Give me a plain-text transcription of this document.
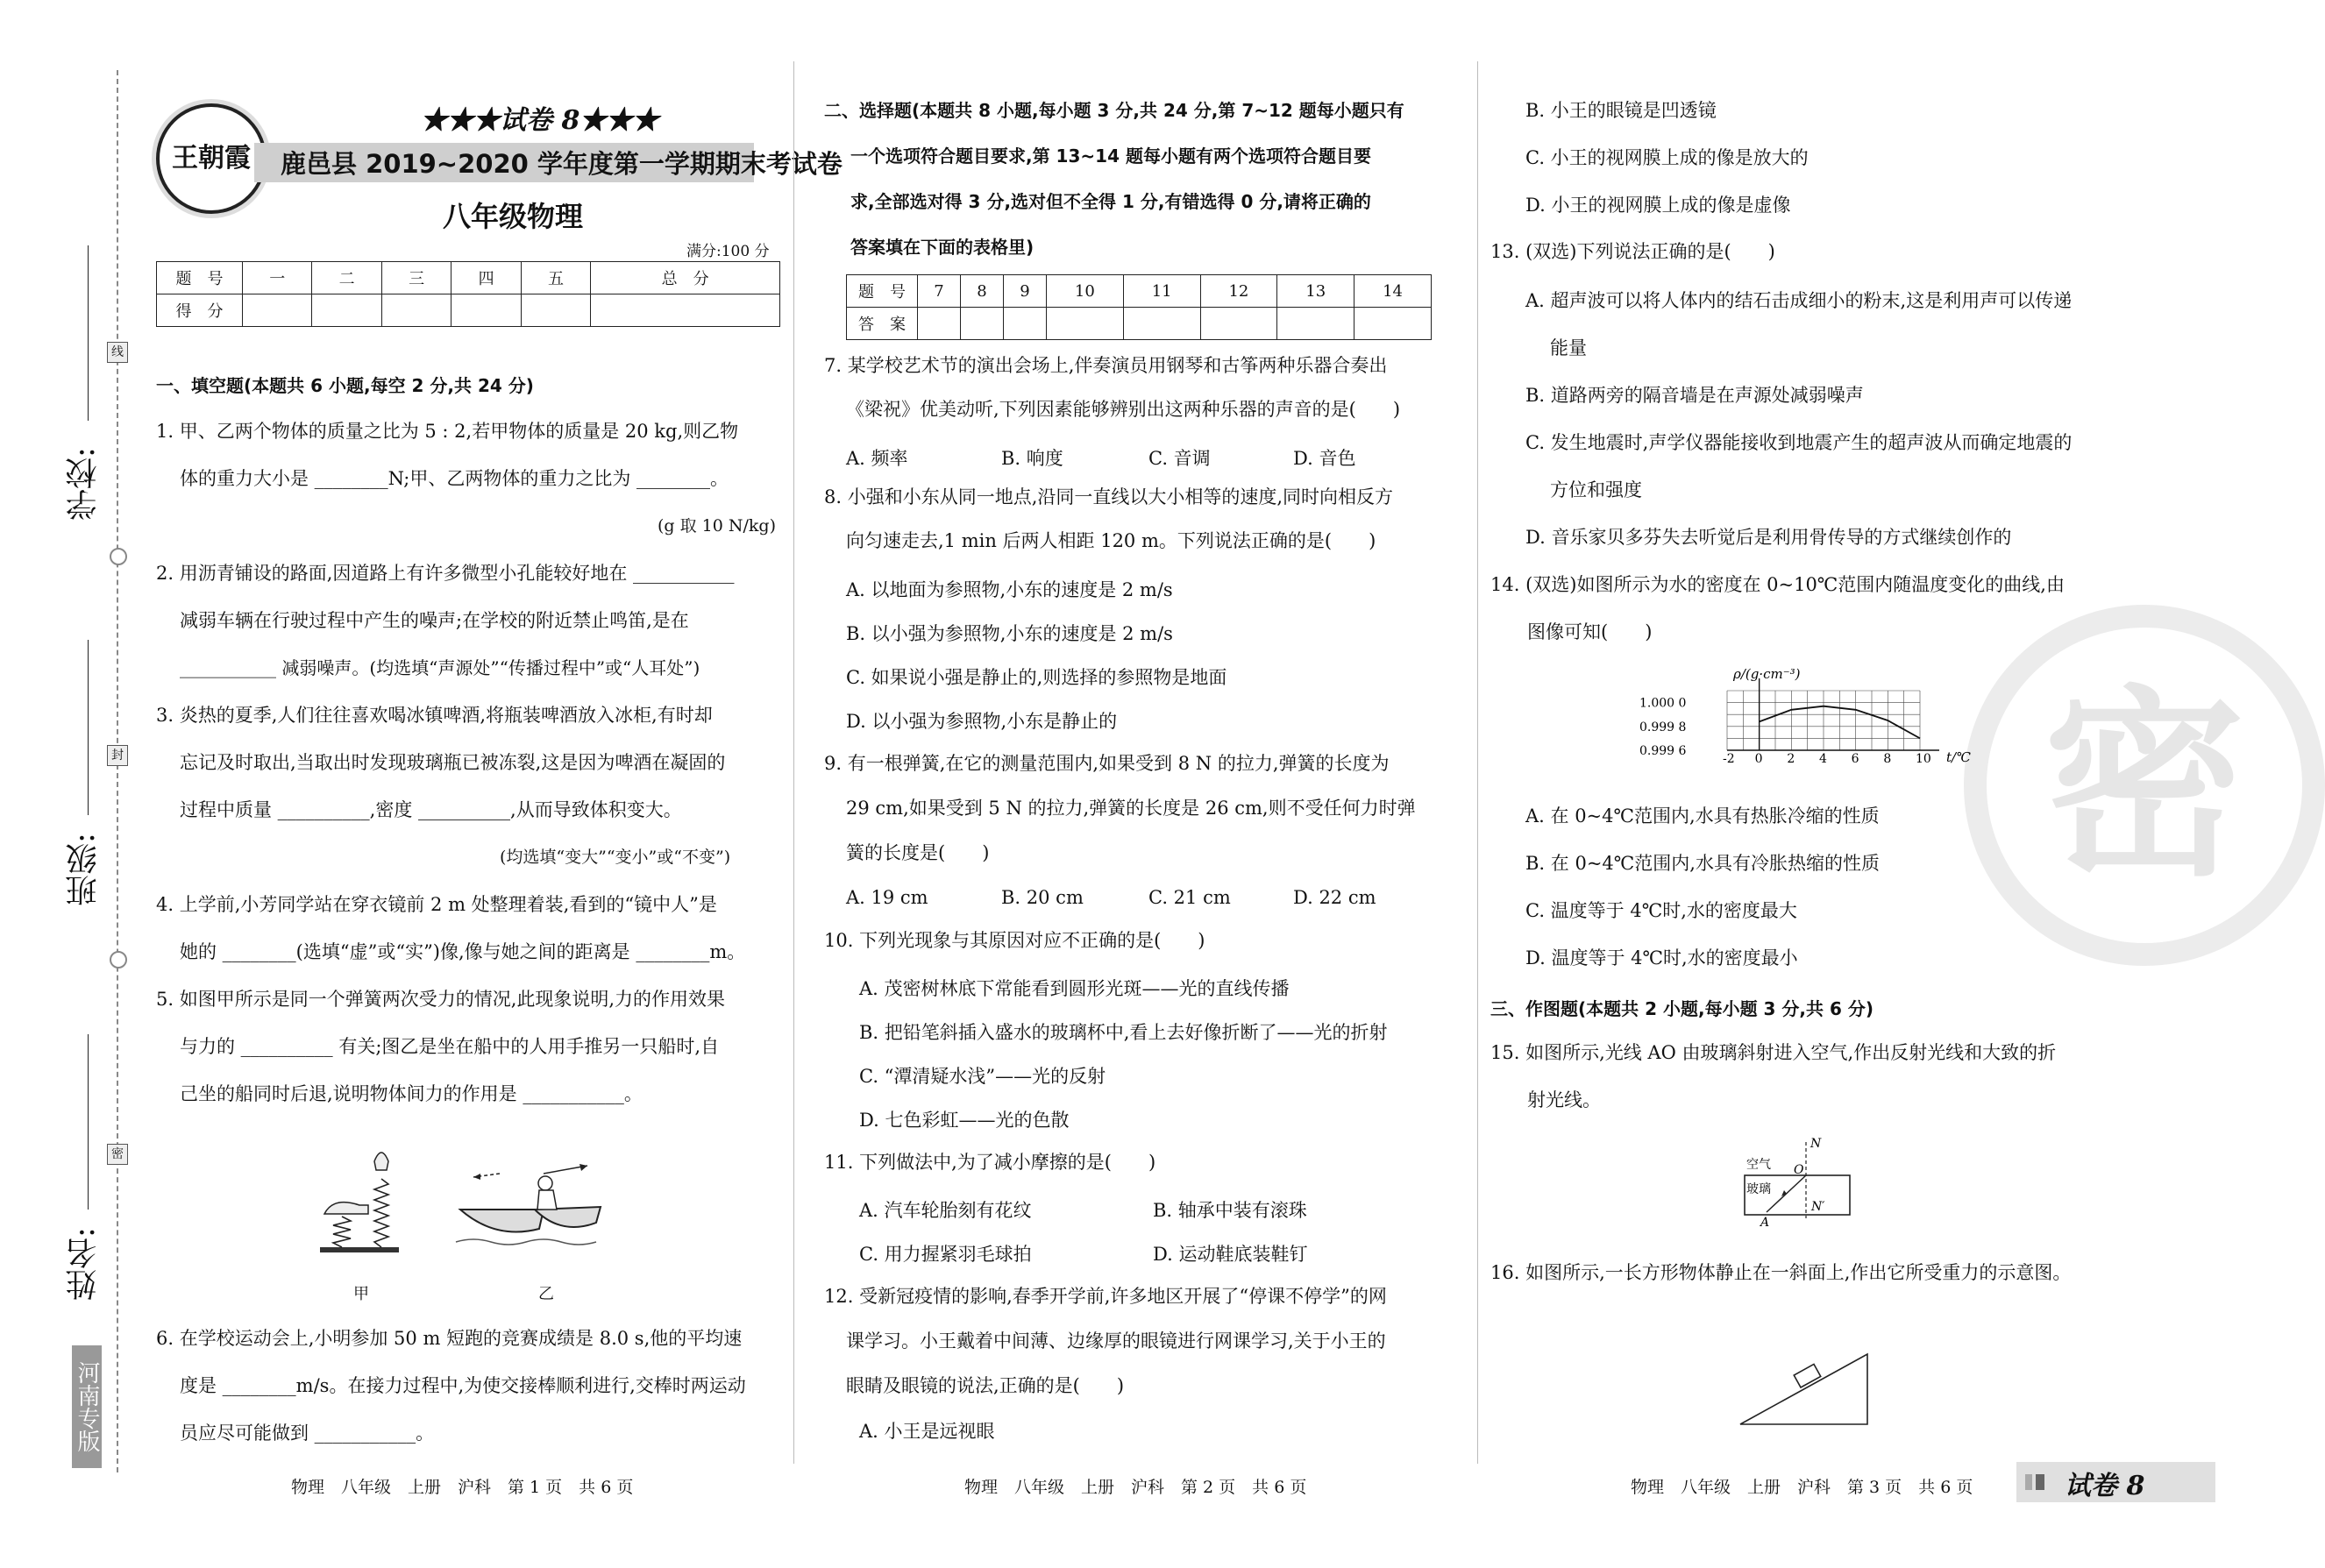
学校:
班级:
姓名:
线
封
密
河南专版
王朝霞
★★★试卷 8★★★
鹿邑县 2019~2020 学年度第一学期期末考试卷
八年级物理
满分:100 分
题　号	一	二	三	四	五	总　分
得　分						
一、填空题(本题共 6 小题,每空 2 分,共 24 分)
1. 甲、乙两个物体的质量之比为 5 : 2,若甲物体的质量是 20 kg,则乙物
体的重力大小是 ________N;甲、乙两物体的重力之比为 ________。
(g 取 10 N/kg)
2. 用沥青铺设的路面,因道路上有许多微型小孔能较好地在 ___________
减弱车辆在行驶过程中产生的噪声;在学校的附近禁止鸣笛,是在
___________ 减弱噪声。(均选填“声源处”“传播过程中”或“人耳处”)
3. 炎热的夏季,人们往往喜欢喝冰镇啤酒,将瓶装啤酒放入冰柜,有时却
忘记及时取出,当取出时发现玻璃瓶已被冻裂,这是因为啤酒在凝固的
过程中质量 __________,密度 __________,从而导致体积变大。
(均选填“变大”“变小”或“不变”)
4. 上学前,小芳同学站在穿衣镜前 2 m 处整理着装,看到的“镜中人”是
她的 ________(选填“虚”或“实”)像,像与她之间的距离是 ________m。
5. 如图甲所示是同一个弹簧两次受力的情况,此现象说明,力的作用效果
与力的 __________ 有关;图乙是坐在船中的人用手推另一只船时,自
己坐的船同时后退,说明物体间力的作用是 ___________。
甲	乙
6. 在学校运动会上,小明参加 50 m 短跑的竞赛成绩是 8.0 s,他的平均速
度是 ________m/s。在接力过程中,为使交接棒顺利进行,交棒时两运动
员应尽可能做到 ___________。
二、选择题(本题共 8 小题,每小题 3 分,共 24 分,第 7~12 题每小题只有
一个选项符合题目要求,第 13~14 题每小题有两个选项符合题目要
求,全部选对得 3 分,选对但不全得 1 分,有错选得 0 分,请将正确的
答案填在下面的表格里)
题　号	7	8	9	10	11	12	13	14
答　案								
7. 某学校艺术节的演出会场上,伴奏演员用钢琴和古筝两种乐器合奏出
《梁祝》优美动听,下列因素能够辨别出这两种乐器的声音的是(　　)
A. 频率	B. 响度	C. 音调	D. 音色
8. 小强和小东从同一地点,沿同一直线以大小相等的速度,同时向相反方
向匀速走去,1 min 后两人相距 120 m。下列说法正确的是(　　)
A. 以地面为参照物,小东的速度是 2 m/s
B. 以小强为参照物,小东的速度是 2 m/s
C. 如果说小强是静止的,则选择的参照物是地面
D. 以小强为参照物,小东是静止的
9. 有一根弹簧,在它的测量范围内,如果受到 8 N 的拉力,弹簧的长度为
29 cm,如果受到 5 N 的拉力,弹簧的长度是 26 cm,则不受任何力时弹
簧的长度是(　　)
A. 19 cm	B. 20 cm	C. 21 cm	D. 22 cm
10. 下列光现象与其原因对应不正确的是(　　)
A. 茂密树林底下常能看到圆形光斑——光的直线传播
B. 把铅笔斜插入盛水的玻璃杯中,看上去好像折断了——光的折射
C. “潭清疑水浅”——光的反射
D. 七色彩虹——光的色散
11. 下列做法中,为了减小摩擦的是(　　)
A. 汽车轮胎刻有花纹	B. 轴承中装有滚珠
C. 用力握紧羽毛球拍	D. 运动鞋底装鞋钉
12. 受新冠疫情的影响,春季开学前,许多地区开展了“停课不停学”的网
课学习。小王戴着中间薄、边缘厚的眼镜进行网课学习,关于小王的
眼睛及眼镜的说法,正确的是(　　)
A. 小王是远视眼
密
B. 小王的眼镜是凹透镜
C. 小王的视网膜上成的像是放大的
D. 小王的视网膜上成的像是虚像
13. (双选)下列说法正确的是(　　)
A. 超声波可以将人体内的结石击成细小的粉末,这是利用声可以传递
能量
B. 道路两旁的隔音墙是在声源处减弱噪声
C. 发生地震时,声学仪器能接收到地震产生的超声波从而确定地震的
方位和强度
D. 音乐家贝多芬失去听觉后是利用骨传导的方式继续创作的
14. (双选)如图所示为水的密度在 0~10℃范围内随温度变化的曲线,由
图像可知(　　)
-2 0 2 4 6 8 10
1.000 0
0.999 8
0.999 6
ρ/(g·cm⁻³)
t/℃
A. 在 0~4℃范围内,水具有热胀冷缩的性质
B. 在 0~4℃范围内,水具有冷胀热缩的性质
C. 温度等于 4℃时,水的密度最大
D. 温度等于 4℃时,水的密度最小
三、作图题(本题共 2 小题,每小题 3 分,共 6 分)
15. 如图所示,光线 AO 由玻璃斜射进入空气,作出反射光线和大致的折
射光线。
空气
玻璃
O
A
N
N′
16. 如图所示,一长方形物体静止在一斜面上,作出它所受重力的示意图。
物理　八年级　上册　沪科　第 1 页　共 6 页	物理　八年级　上册　沪科　第 2 页　共 6 页	物理　八年级　上册　沪科　第 3 页　共 6 页	试卷 8
